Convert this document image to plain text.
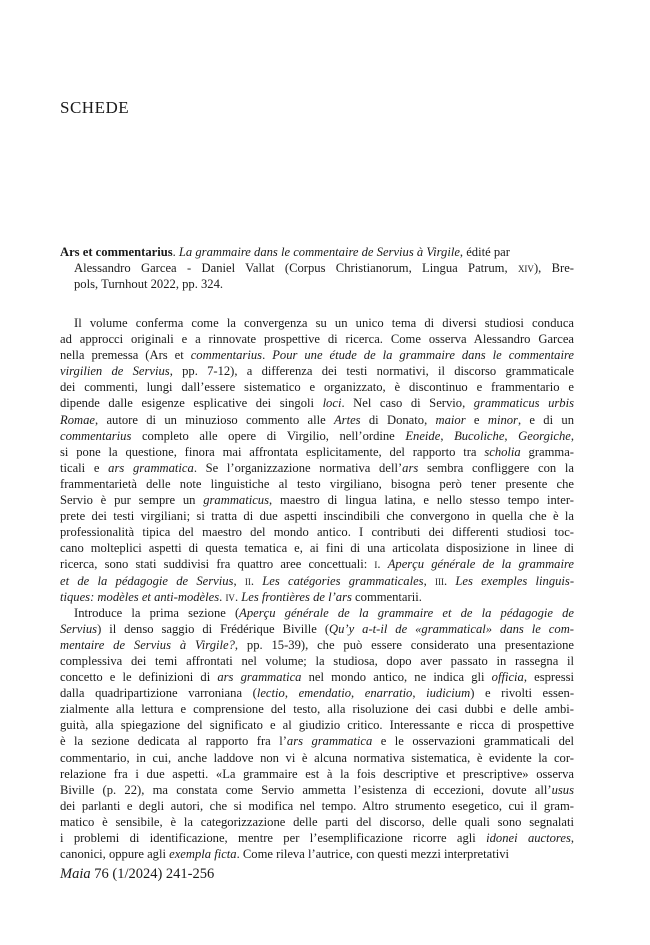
SCHEDE
Ars et commentarius. La grammaire dans le commentaire de Servius à Virgile, édité par
Alessandro Garcea - Daniel Vallat (Corpus Christianorum, Lingua Patrum, xiv), Bre-
pols, Turnhout 2022, pp. 324.
Il volume conferma come la convergenza su un unico tema di diversi studiosi conduca
ad approcci originali e a rinnovate prospettive di ricerca. Come osserva Alessandro Garcea
nella premessa (Ars et commentarius. Pour une étude de la grammaire dans le commentaire
virgilien de Servius, pp. 7-12), a differenza dei testi normativi, il discorso grammaticale
dei commenti, lungi dall’essere sistematico e organizzato, è discontinuo e frammentario e
dipende dalle esigenze esplicative dei singoli loci. Nel caso di Servio, grammaticus urbis
Romae, autore di un minuzioso commento alle Artes di Donato, maior e minor, e di un
commentarius completo alle opere di Virgilio, nell’ordine Eneide, Bucoliche, Georgiche,
si pone la questione, finora mai affrontata esplicitamente, del rapporto tra scholia gramma-
ticali e ars grammatica. Se l’organizzazione normativa dell’ars sembra confliggere con la
frammentarietà delle note linguistiche al testo virgiliano, bisogna però tener presente che
Servio è pur sempre un grammaticus, maestro di lingua latina, e nello stesso tempo inter-
prete dei testi virgiliani; si tratta di due aspetti inscindibili che convergono in quella che è la
professionalità tipica del maestro del mondo antico. I contributi dei differenti studiosi toc-
cano molteplici aspetti di questa tematica e, ai fini di una articolata disposizione in linee di
ricerca, sono stati suddivisi fra quattro aree concettuali: i. Aperçu générale de la grammaire
et de la pédagogie de Servius, ii. Les catégories grammaticales, iii. Les exemples linguis-
tiques: modèles et anti-modèles. iv. Les frontières de l’ars commentarii.
Introduce la prima sezione (Aperçu générale de la grammaire et de la pédagogie de
Servius) il denso saggio di Frédérique Biville (Qu’y a-t-il de «grammatical» dans le com-
mentaire de Servius à Virgile?, pp. 15-39), che può essere considerato una presentazione
complessiva dei temi affrontati nel volume; la studiosa, dopo aver passato in rassegna il
concetto e le definizioni di ars grammatica nel mondo antico, ne indica gli officia, espressi
dalla quadripartizione varroniana (lectio, emendatio, enarratio, iudicium) e rivolti essen-
zialmente alla lettura e comprensione del testo, alla risoluzione dei casi dubbi e delle ambi-
guità, alla spiegazione del significato e al giudizio critico. Interessante e ricca di prospettive
è la sezione dedicata al rapporto fra l’ars grammatica e le osservazioni grammaticali del
commentario, in cui, anche laddove non vi è alcuna normativa sistematica, è evidente la cor-
relazione fra i due aspetti. «La grammaire est à la fois descriptive et prescriptive» osserva
Biville (p. 22), ma constata come Servio ammetta l’esistenza di eccezioni, dovute all’usus
dei parlanti e degli autori, che si modifica nel tempo. Altro strumento esegetico, cui il gram-
matico è sensibile, è la categorizzazione delle parti del discorso, delle quali sono segnalati
i problemi di identificazione, mentre per l’esemplificazione ricorre agli idonei auctores,
canonici, oppure agli exempla ficta. Come rileva l’autrice, con questi mezzi interpretativi
Maia 76 (1/2024) 241-256
